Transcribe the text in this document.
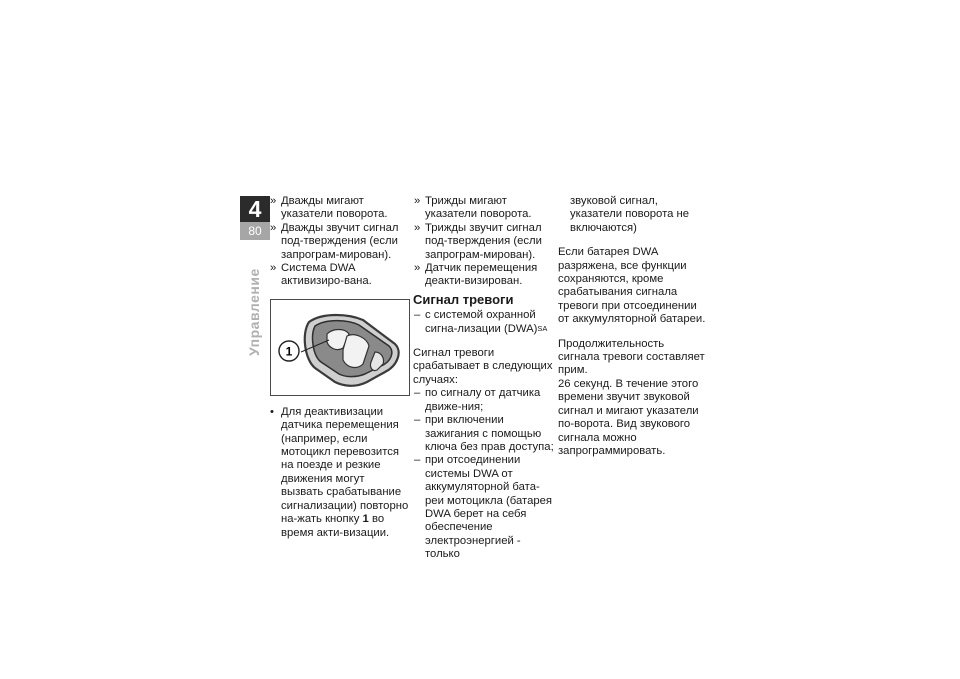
4
80
Управление
» Дважды мигают указатели поворота.
» Дважды звучит сигнал под-тверждения (если запрограм-мирован).
» Система DWA активизиро-вана.
1
• Для деактивизации датчика перемещения (например, если мотоцикл перевозится на поезде и резкие движения могут вызвать срабатывание сигнализации) повторно на-жать кнопку 1 во время акти-визации.
» Трижды мигают указатели поворота.
» Трижды звучит сигнал под-тверждения (если запрограм-мирован).
» Датчик перемещения деакти-визирован.
Сигнал тревоги
– с системой охранной сигна-лизации (DWA)$^{SA}$

Сигнал тревоги срабатывает в следующих случаях:

– по сигналу от датчика движе-ния;
– при включении зажигания с помощью ключа без прав доступа;
– при отсоединении системы DWA от аккумуляторной бата-реи мотоцикла (батарея DWA берет на себя обеспечение электроэнергией - только

звуковой сигнал, указатели поворота не включаются)

Если батарея DWA разряжена, все функции сохраняются, кроме срабатывания сигнала тревоги при отсоединении от аккумуляторной батареи.

Продолжительность сигнала тревоги составляет прим.

26 секунд. В течение этого времени звучит звуковой сигнал и мигают указатели по-ворота. Вид звукового сигнала можно запрограммировать.
